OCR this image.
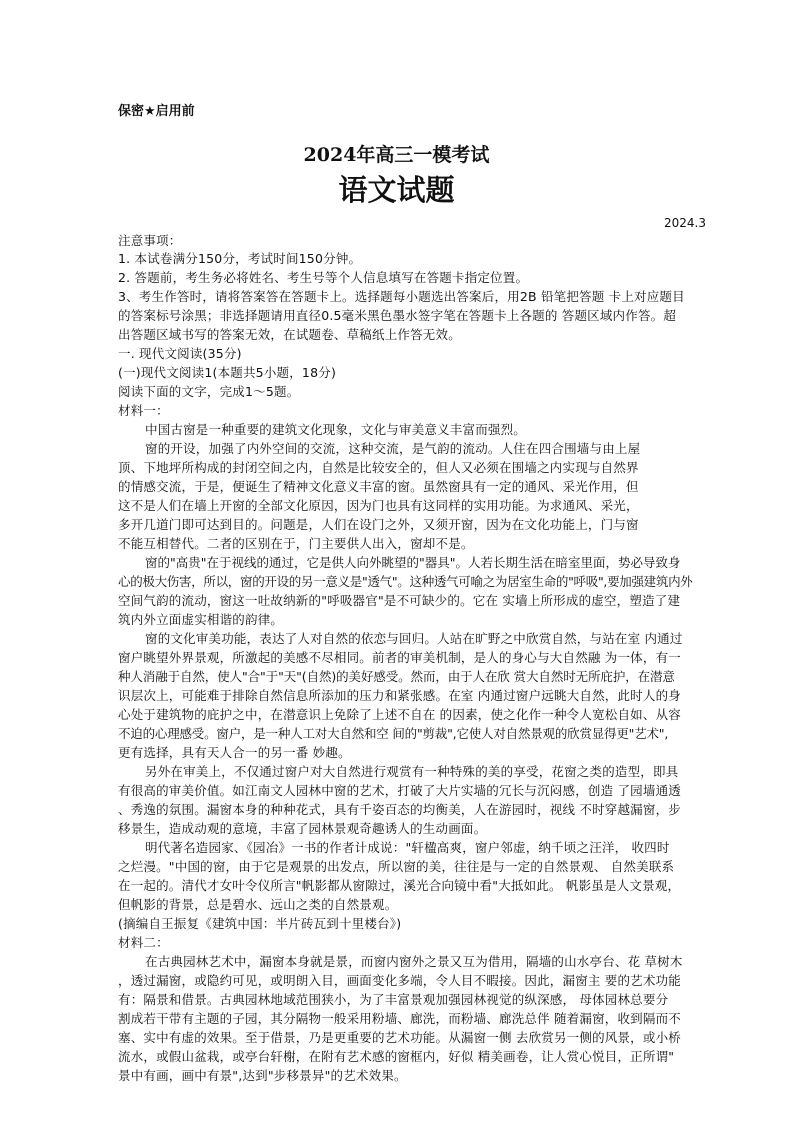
保密★启用前
2024年高三一模考试
语文试题
2024.3
注意事项：
1. 本试卷满分150分，考试时间150分钟。
2. 答题前，考生务必将姓名、考生号等个人信息填写在答题卡指定位置。
3、考生作答时，请将答案答在答题卡上。选择题每小题选出答案后，用2B 铅笔把答题 卡上对应题目
的答案标号涂黑；非选择题请用直径0.5毫米黑色墨水签字笔在答题卡上各题的 答题区域内作答。超
出答题区域书写的答案无效，在试题卷、草稿纸上作答无效。
一. 现代文阅读(35分)
(一)现代文阅读1(本题共5小题，18分)
阅读下面的文字，完成1～5题。
材料一：
中国古窗是一种重要的建筑文化现象，文化与审美意义丰富而强烈。
窗的开设，加强了内外空间的交流，这种交流，是气韵的流动。人住在四合围墙与由上屋
顶、下地坪所构成的封闭空间之内，自然是比较安全的，但人又必须在围墙之内实现与自然界
的情感交流，于是，便诞生了精神文化意义丰富的窗。虽然窗具有一定的通风、采光作用，但
这不是人们在墙上开窗的全部文化原因，因为门也具有这同样的实用功能。为求通风、采光，
多开几道门即可达到目的。问题是，人们在设门之外，又须开窗，因为在文化功能上，门与窗
不能互相替代。二者的区别在于，门主要供人出入，窗却不是。
窗的"高贵"在于视线的通过，它是供人向外眺望的"器具"。人若长期生活在暗室里面，势必导致身
心的极大伤害，所以，窗的开设的另一意义是"透气"。这种透气可喻之为居室生命的"呼吸",要加强建筑内外
空间气韵的流动，窗这一吐故纳新的"呼吸器官"是不可缺少的。它在 实墙上所形成的虚空，塑造了建
筑内外立面虚实相谐的韵律。
窗的文化审美功能，表达了人对自然的依恋与回归。人站在旷野之中欣赏自然，与站在室 内通过
窗户眺望外界景观，所激起的美感不尽相同。前者的审美机制，是人的身心与大自然融 为一体，有一
种人消融于自然，使人"合"于"天"(自然)的美好感受。然而，由于人在欣 赏大自然时无所庇护，在潜意
识层次上，可能难于排除自然信息所添加的压力和紧张感。在室 内通过窗户远眺大自然，此时人的身
心处于建筑物的庇护之中，在潜意识上免除了上述不自在 的因素，使之化作一种令人宽松自如、从容
不迫的心理感受。窗户，是一种人工对大自然和空 间的"剪裁",它使人对自然景观的欣赏显得更"艺术",
更有选择，具有天人合一的另一番 妙趣。
另外在审美上，不仅通过窗户对大自然进行观赏有一种特殊的美的享受，花窗之类的造型，即具
有很高的审美价值。如江南文人园林中窗的艺术，打破了大片实墙的冗长与沉闷感，创造 了园墙通透
、秀逸的氛围。漏窗本身的种种花式，具有千姿百态的均衡美，人在游园时，视线 不时穿越漏窗，步
移景生，造成动观的意境，丰富了园林景观奇趣诱人的生动画面。
明代著名造园家、《园冶》一书的作者计成说："轩楹高爽，窗户邻虚，纳千顷之汪洋， 收四时
之烂漫。"中国的窗，由于它是观景的出发点，所以窗的美，往往是与一定的自然景观、 自然美联系
在一起的。清代才女叶令仪所言"帆影都从窗隙过，溪光合向镜中看"大抵如此。 帆影虽是人文景观，
但帆影的背景，总是碧水、远山之类的自然景观。
(摘编自王振复《建筑中国：半片砖瓦到十里楼台》)
材料二：
在古典园林艺术中，漏窗本身就是景，而窗内窗外之景又互为借用，隔墙的山水亭台、花 草树木
，透过漏窗，或隐约可见，或明朗入目，画面变化多端，令人目不暇接。因此，漏窗主 要的艺术功能
有：隔景和借景。古典园林地域范围狭小，为了丰富景观加强园林视觉的纵深感， 母体园林总要分
割成若干带有主题的子园，其分隔物一般采用粉墙、廊洗，而粉墙、廊洗总伴 随着漏窗，收到隔而不
塞、实中有虚的效果。至于借景，乃是更重要的艺术功能。从漏窗一侧 去欣赏另一侧的风景，或小桥
流水，或假山盆栽，或亭台轩榭，在附有艺术感的窗框内，好似 精美画卷，让人赏心悦目，正所谓"
景中有画，画中有景",达到"步移景异"的艺术效果。
